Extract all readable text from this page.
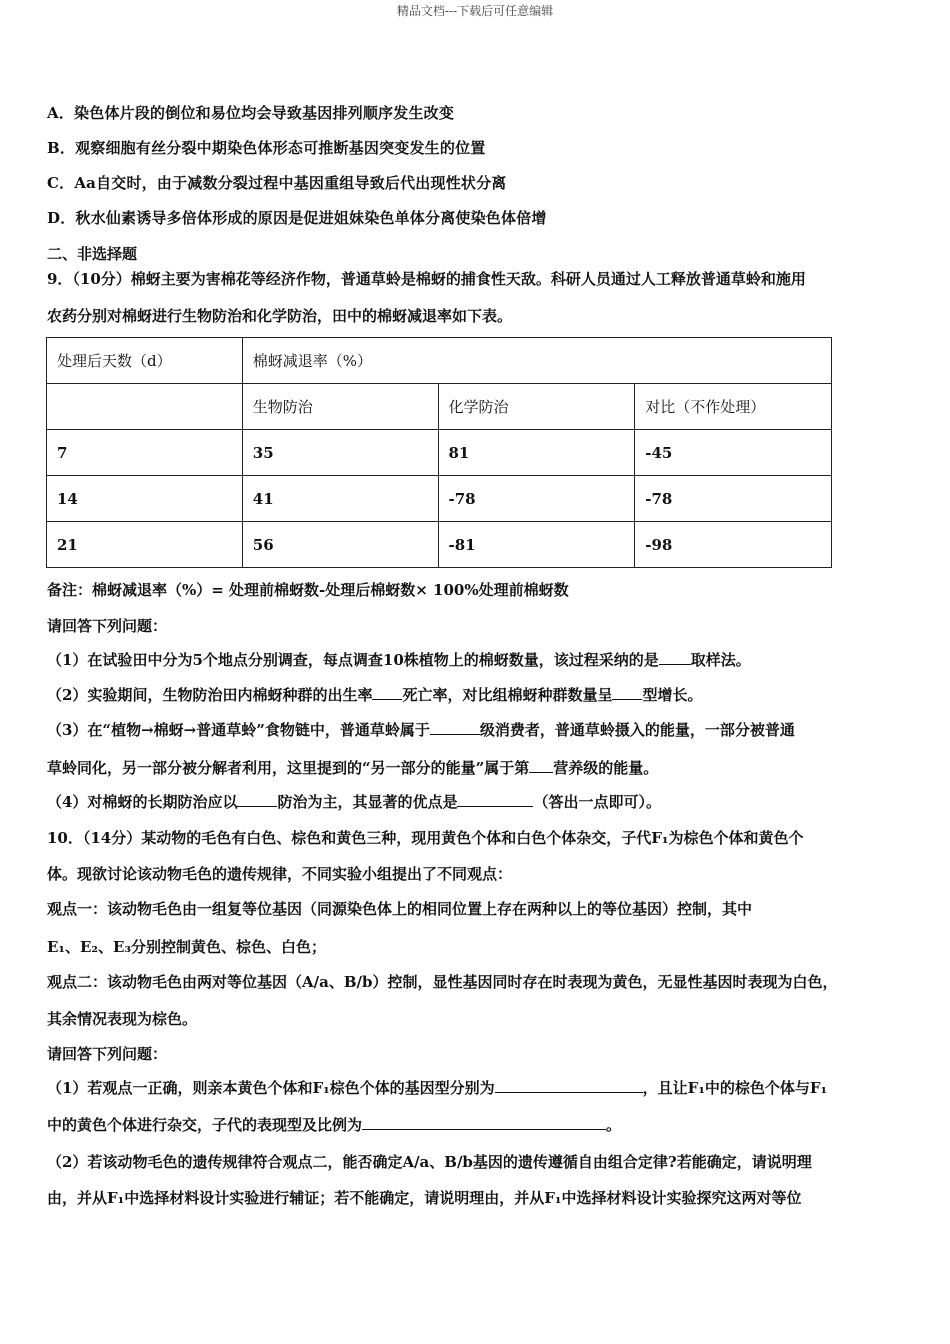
精品文档---下载后可任意编辑
A．染色体片段的倒位和易位均会导致基因排列顺序发生改变
B．观察细胞有丝分裂中期染色体形态可推断基因突变发生的位置
C．Aa自交时，由于减数分裂过程中基因重组导致后代出现性状分离
D．秋水仙素诱导多倍体形成的原因是促进姐妹染色单体分离使染色体倍增
二、非选择题
9．（10分）棉蚜主要为害棉花等经济作物，普通草蛉是棉蚜的捕食性天敌。科研人员通过人工释放普通草蛉和施用
农药分别对棉蚜进行生物防治和化学防治，田中的棉蚜减退率如下表。
处理后天数（d）	棉蚜减退率（%）		
	生物防治	化学防治	对比（不作处理）
7	35	81	-45
14	41	-78	-78
21	56	-81	-98
备注：棉蚜减退率（%）= 处理前棉蚜数-处理后棉蚜数× 100%处理前棉蚜数
请回答下列问题：
（1）在试验田中分为5个地点分别调查，每点调查10株植物上的棉蚜数量，该过程采纳的是 取样法。
（2）实验期间，生物防治田内棉蚜种群的出生率 死亡率，对比组棉蚜种群数量呈 型增长。
（3）在“植物→棉蚜→普通草蛉”食物链中，普通草蛉属于	级消费者，普通草蛉摄入的能量，一部分被普通
草蛉同化，另一部分被分解者利用，这里提到的“另一部分的能量”属于第 营养级的能量。
（4）对棉蚜的长期防治应以	防治为主，其显著的优点是	（答出一点即可）。
10．（14分）某动物的毛色有白色、棕色和黄色三种，现用黄色个体和白色个体杂交，子代F₁为棕色个体和黄色个
体。现欲讨论该动物毛色的遗传规律，不同实验小组提出了不同观点：
观点一：该动物毛色由一组复等位基因（同源染色体上的相同位置上存在两种以上的等位基因）控制，其中
E₁、E₂、E₃分别控制黄色、棕色、白色；
观点二：该动物毛色由两对等位基因（A/a、B/b）控制，显性基因同时存在时表现为黄色，无显性基因时表现为白色，
其余情况表现为棕色。
请回答下列问题：
（1）若观点一正确，则亲本黄色个体和F₁棕色个体的基因型分别为	，且让F₁中的棕色个体与F₁
中的黄色个体进行杂交，子代的表现型及比例为	。
（2）若该动物毛色的遗传规律符合观点二，能否确定A/a、B/b基因的遗传遵循自由组合定律?若能确定，请说明理
由，并从F₁中选择材料设计实验进行辅证；若不能确定，请说明理由，并从F₁中选择材料设计实验探究这两对等位
